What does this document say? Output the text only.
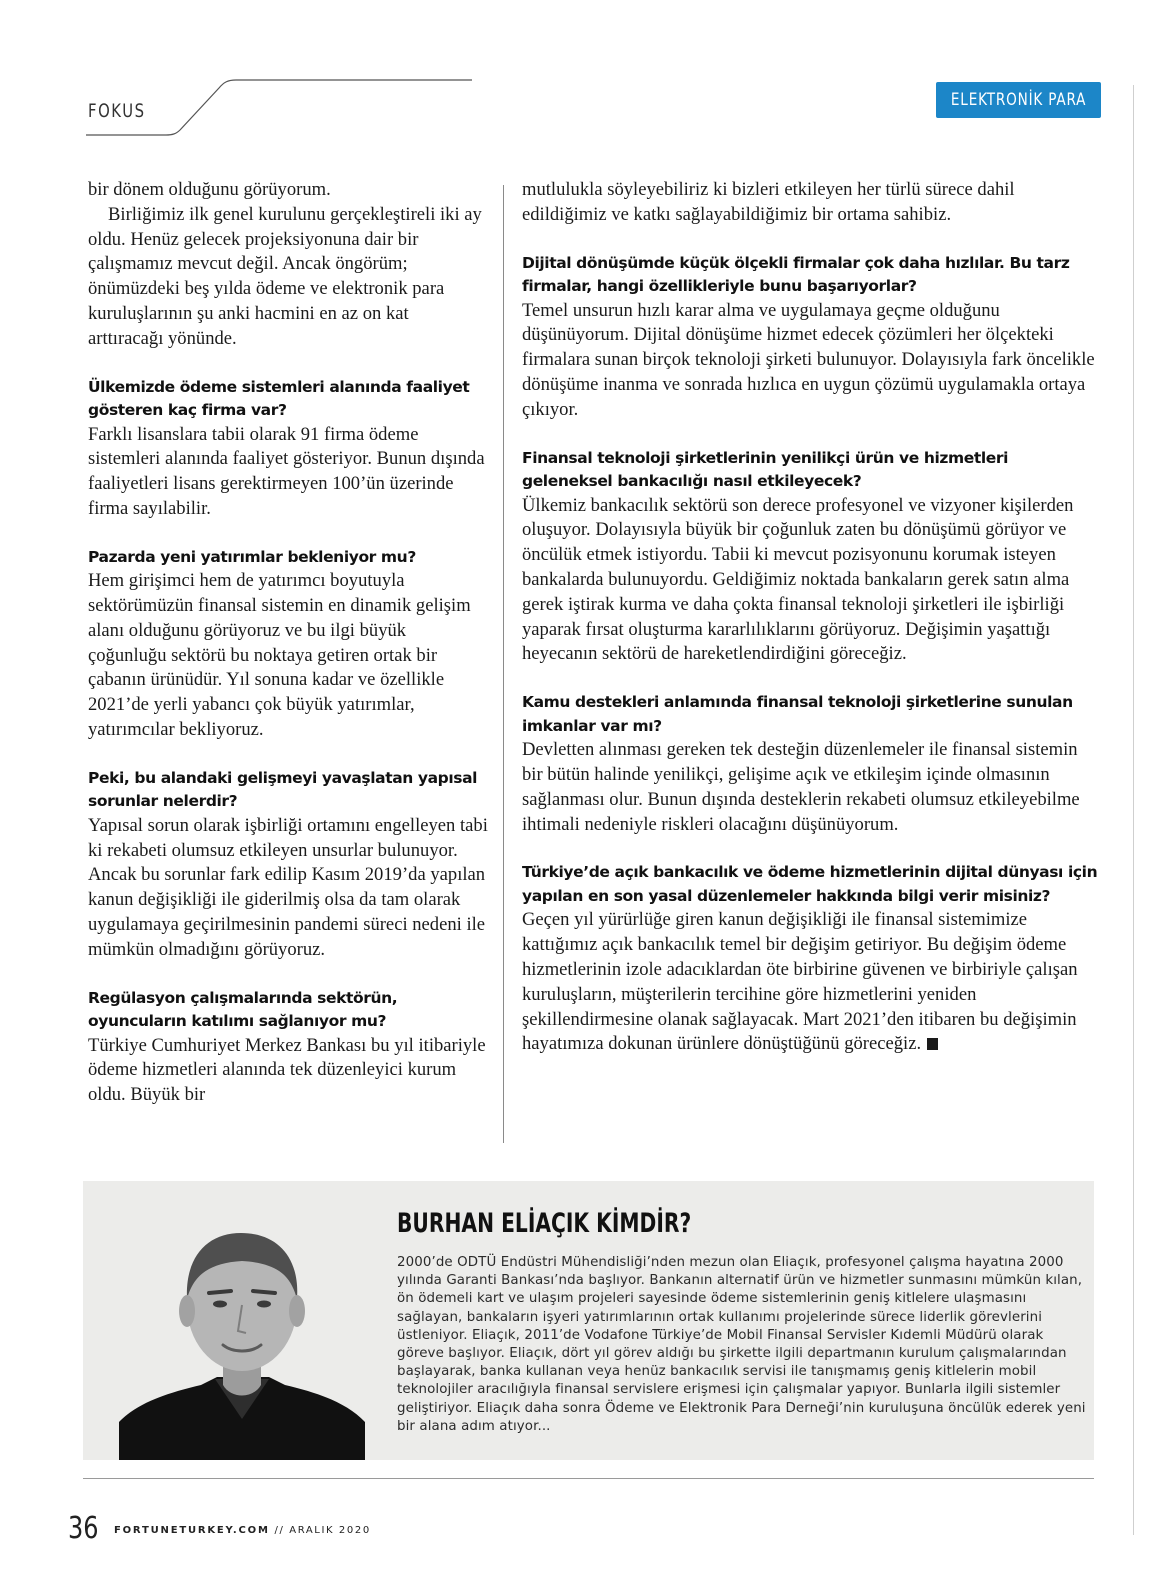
FOKUS	ELEKTRONİK PARA

bir dönem olduğunu görüyorum.

Birliğimiz ilk genel kurulunu gerçekleştireli iki ay oldu. Henüz gelecek projeksiyonuna dair bir çalışmamız mevcut değil. Ancak öngörüm; önümüzdeki beş yılda ödeme ve elektronik para kuruluşlarının şu anki hacmini en az on kat arttıracağı yönünde.

Ülkemizde ödeme sistemleri alanında faaliyet gösteren kaç firma var?

Farklı lisanslara tabii olarak 91 firma ödeme sistemleri alanında faaliyet gösteriyor. Bunun dışında faaliyetleri lisans gerektirmeyen 100’ün üzerinde firma sayılabilir.

Pazarda yeni yatırımlar bekleniyor mu?

Hem girişimci hem de yatırımcı boyutuyla sektörümüzün finansal sistemin en dinamik gelişim alanı olduğunu görüyoruz ve bu ilgi büyük çoğunluğu sektörü bu noktaya getiren ortak bir çabanın ürünüdür. Yıl sonuna kadar ve özellikle 2021’de yerli yabancı çok büyük yatırımlar, yatırımcılar bekliyoruz.

Peki, bu alandaki gelişmeyi yavaşlatan yapısal sorunlar nelerdir?

Yapısal sorun olarak işbirliği ortamını engelleyen tabi ki rekabeti olumsuz etkileyen unsurlar bulunuyor. Ancak bu sorunlar fark edilip Kasım 2019’da yapılan kanun değişikliği ile giderilmiş olsa da tam olarak uygulamaya geçirilmesinin pandemi süreci nedeni ile mümkün olmadığını görüyoruz.

Regülasyon çalışmalarında sektörün, oyuncuların katılımı sağlanıyor mu?

Türkiye Cumhuriyet Merkez Bankası bu yıl itibariyle ödeme hizmetleri alanında tek düzenleyici kurum oldu. Büyük bir

mutlulukla söyleyebiliriz ki bizleri etkileyen her türlü sürece dahil edildiğimiz ve katkı sağlayabildiğimiz bir ortama sahibiz.

Dijital dönüşümde küçük ölçekli firmalar çok daha hızlılar. Bu tarz firmalar, hangi özellikleriyle bunu başarıyorlar?

Temel unsurun hızlı karar alma ve uygulamaya geçme olduğunu düşünüyorum. Dijital dönüşüme hizmet edecek çözümleri her ölçekteki firmalara sunan birçok teknoloji şirketi bulunuyor. Dolayısıyla fark öncelikle dönüşüme inanma ve sonrada hızlıca en uygun çözümü uygulamakla ortaya çıkıyor.

Finansal teknoloji şirketlerinin yenilikçi ürün ve hizmetleri geleneksel bankacılığı nasıl etkileyecek?

Ülkemiz bankacılık sektörü son derece profesyonel ve vizyoner kişilerden oluşuyor. Dolayısıyla büyük bir çoğunluk zaten bu dönüşümü görüyor ve öncülük etmek istiyordu. Tabii ki mevcut pozisyonunu korumak isteyen bankalarda bulunuyordu. Geldiğimiz noktada bankaların gerek satın alma gerek iştirak kurma ve daha çokta finansal teknoloji şirketleri ile işbirliği yaparak fırsat oluşturma kararlılıklarını görüyoruz. Değişimin yaşattığı heyecanın sektörü de hareketlendirdiğini göreceğiz.

Kamu destekleri anlamında finansal teknoloji şirketlerine sunulan imkanlar var mı?

Devletten alınması gereken tek desteğin düzenlemeler ile finansal sistemin bir bütün halinde yenilikçi, gelişime açık ve etkileşim içinde olmasının sağlanması olur. Bunun dışında desteklerin rekabeti olumsuz etkileyebilme ihtimali nedeniyle riskleri olacağını düşünüyorum.

Türkiye’de açık bankacılık ve ödeme hizmetlerinin dijital dünyası için yapılan en son yasal düzenlemeler hakkında bilgi verir misiniz?

Geçen yıl yürürlüğe giren kanun değişikliği ile finansal sistemimize kattığımız açık bankacılık temel bir değişim getiriyor. Bu değişim ödeme hizmetlerinin izole adacıklardan öte birbirine güvenen ve birbiriyle çalışan kuruluşların, müşterilerin tercihine göre hizmetlerini yeniden şekillendirmesine olanak sağlayacak. Mart 2021’den itibaren bu değişimin hayatımıza dokunan ürünlere dönüştüğünü göreceğiz.

BURHAN ELİAÇIK KİMDİR?
2000’de ODTÜ Endüstri Mühendisliği’nden mezun olan Eliaçık, profesyonel çalışma hayatına 2000 yılında Garanti Bankası’nda başlıyor. Bankanın alternatif ürün ve hizmetler sunmasını mümkün kılan, ön ödemeli kart ve ulaşım projeleri sayesinde ödeme sistemlerinin geniş kitlelere ulaşmasını sağlayan, bankaların işyeri yatırımlarının ortak kullanımı projelerinde sürece liderlik görevlerini üstleniyor. Eliaçık, 2011’de Vodafone Türkiye’de Mobil Finansal Servisler Kıdemli Müdürü olarak göreve başlıyor. Eliaçık, dört yıl görev aldığı bu şirkette ilgili departmanın kurulum çalışmalarından başlayarak, banka kullanan veya henüz bankacılık servisi ile tanışmamış geniş kitlelerin mobil teknolojiler aracılığıyla finansal servislere erişmesi için çalışmalar yapıyor. Bunlarla ilgili sistemler geliştiriyor. Eliaçık daha sonra Ödeme ve Elektronik Para Derneği’nin kuruluşuna öncülük ederek yeni bir alana adım atıyor...
36 FORTUNETURKEY.COM // ARALIK 2020
